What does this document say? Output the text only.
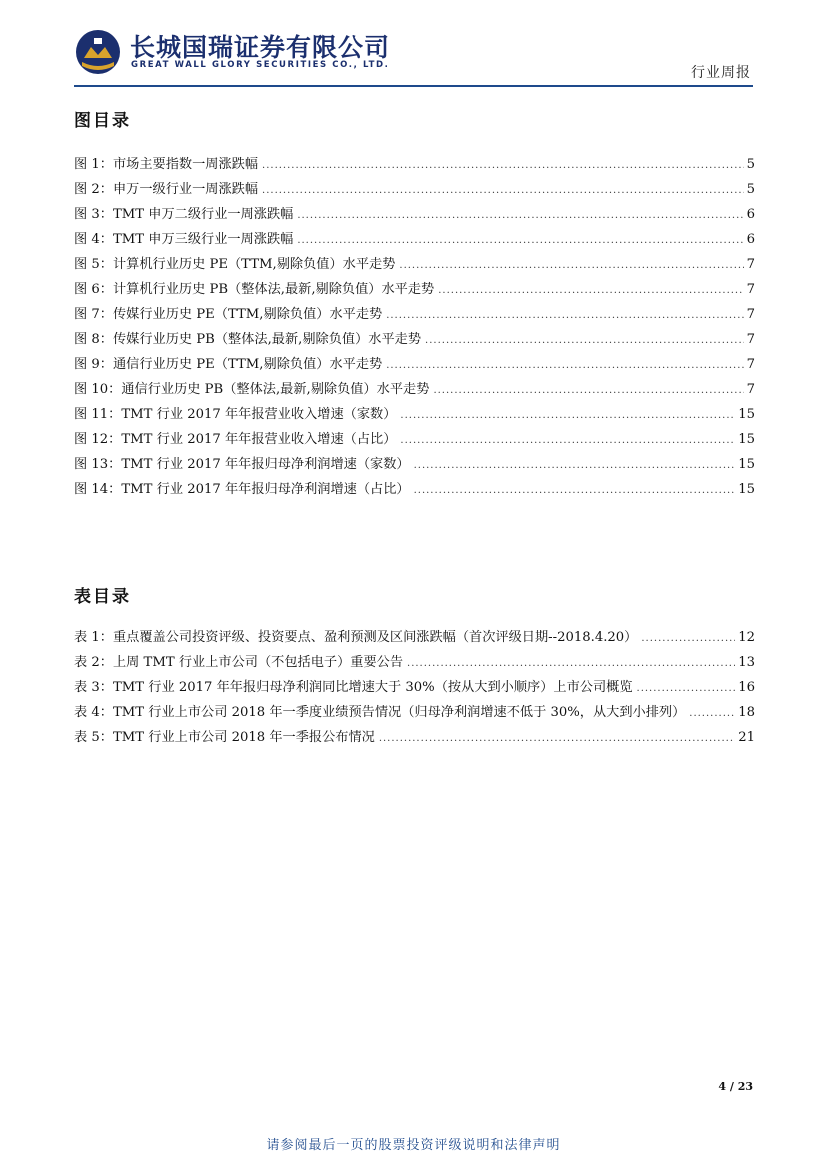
长城国瑞证券有限公司
GREAT WALL GLORY SECURITIES CO., LTD.	行业周报
图目录
图 1： 市场主要指数一周涨跌幅 .....	5
图 2： 申万一级行业一周涨跌幅 .....	5
图 3： TMT 申万二级行业一周涨跌幅 .....	6
图 4： TMT 申万三级行业一周涨跌幅 .....	6
图 5： 计算机行业历史 PE（TTM,剔除负值）水平走势 .....	7
图 6： 计算机行业历史 PB（整体法,最新,剔除负值）水平走势 .....	7
图 7： 传媒行业历史 PE（TTM,剔除负值）水平走势 .....	7
图 8： 传媒行业历史 PB（整体法,最新,剔除负值）水平走势 .....	7
图 9： 通信行业历史 PE（TTM,剔除负值）水平走势 .....	7
图 10： 通信行业历史 PB（整体法,最新,剔除负值）水平走势 .....	7
图 11： TMT 行业 2017 年年报营业收入增速（家数） .....	15
图 12： TMT 行业 2017 年年报营业收入增速（占比） .....	15
图 13： TMT 行业 2017 年年报归母净利润增速（家数） .....	15
图 14： TMT 行业 2017 年年报归母净利润增速（占比） .....	15
表目录
表 1： 重点覆盖公司投资评级、投资要点、盈利预测及区间涨跌幅（首次评级日期--2018.4.20） .....	12
表 2： 上周 TMT 行业上市公司（不包括电子）重要公告 .....	13
表 3： TMT 行业 2017 年年报归母净利润同比增速大于 30%（按从大到小顺序）上市公司概览 .....	16
表 4： TMT 行业上市公司 2018 年一季度业绩预告情况（归母净利润增速不低于 30%，从大到小排列） .....	18
表 5： TMT 行业上市公司 2018 年一季报公布情况 .....	21
4 / 23
请参阅最后一页的股票投资评级说明和法律声明
